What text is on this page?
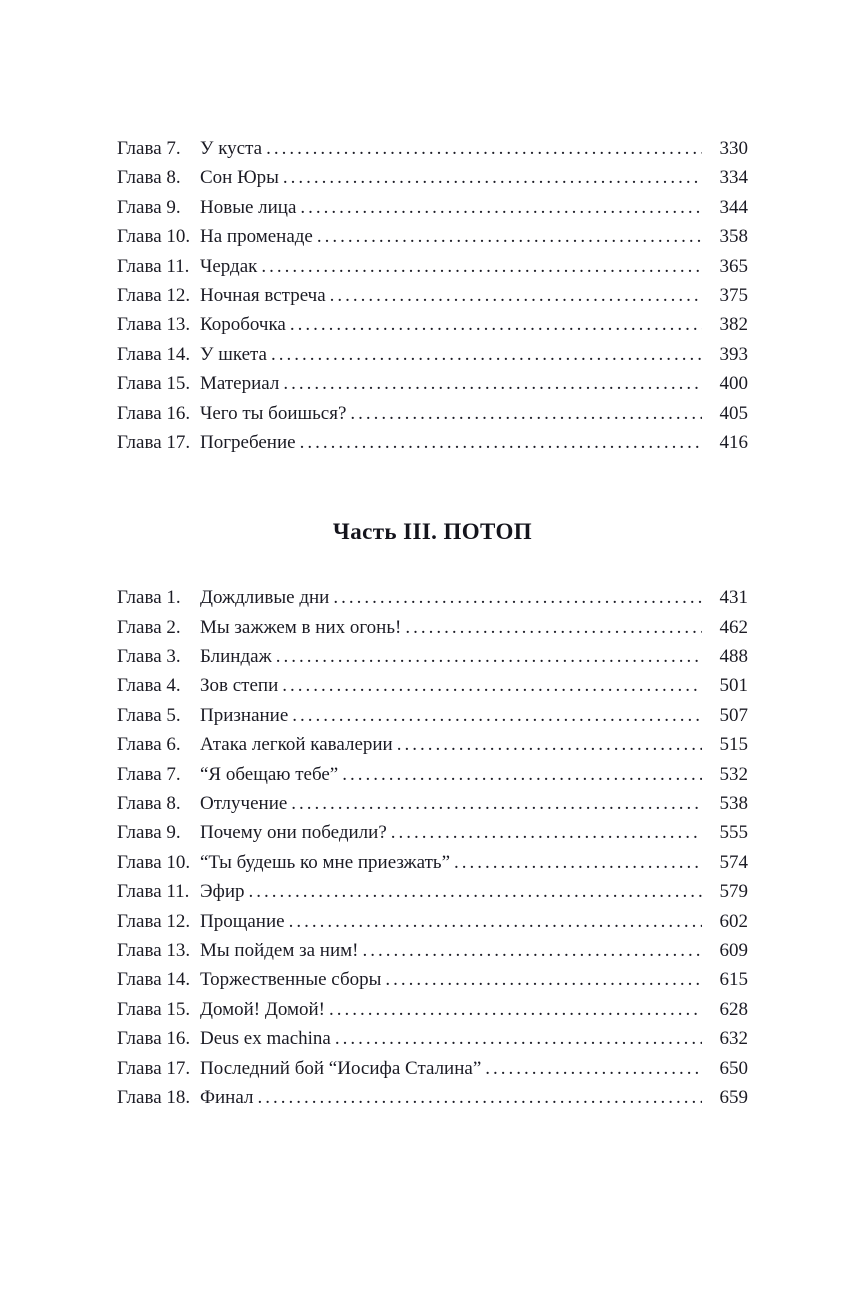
Глава 7.	У куста .....	330
Глава 8.	Сон Юры .....	334
Глава 9.	Новые лица .....	344
Глава 10. На променаде .....	358
Глава 11. Чердак .....	365
Глава 12. Ночная встреча .....	375
Глава 13. Коробочка .....	382
Глава 14. У шкета .....	393
Глава 15. Материал .....	400
Глава 16. Чего ты боишься? .....	405
Глава 17. Погребение .....	416
Часть III. ПОТОП
Глава 1.	Дождливые дни .....	431
Глава 2.	Мы зажжем в них огонь! .....	462
Глава 3.	Блиндаж .....	488
Глава 4.	Зов степи .....	501
Глава 5.	Признание .....	507
Глава 6.	Атака легкой кавалерии .....	515
Глава 7.	“Я обещаю тебе” .....	532
Глава 8.	Отлучение .....	538
Глава 9.	Почему они победили? .....	555
Глава 10. “Ты будешь ко мне приезжать” .....	574
Глава 11. Эфир .....	579
Глава 12. Прощание .....	602
Глава 13. Мы пойдем за ним! .....	609
Глава 14. Торжественные сборы .....	615
Глава 15. Домой! Домой! .....	628
Глава 16. Deus ex machina .....	632
Глава 17. Последний бой “Иосифа Сталина” .....	650
Глава 18. Финал .....	659
